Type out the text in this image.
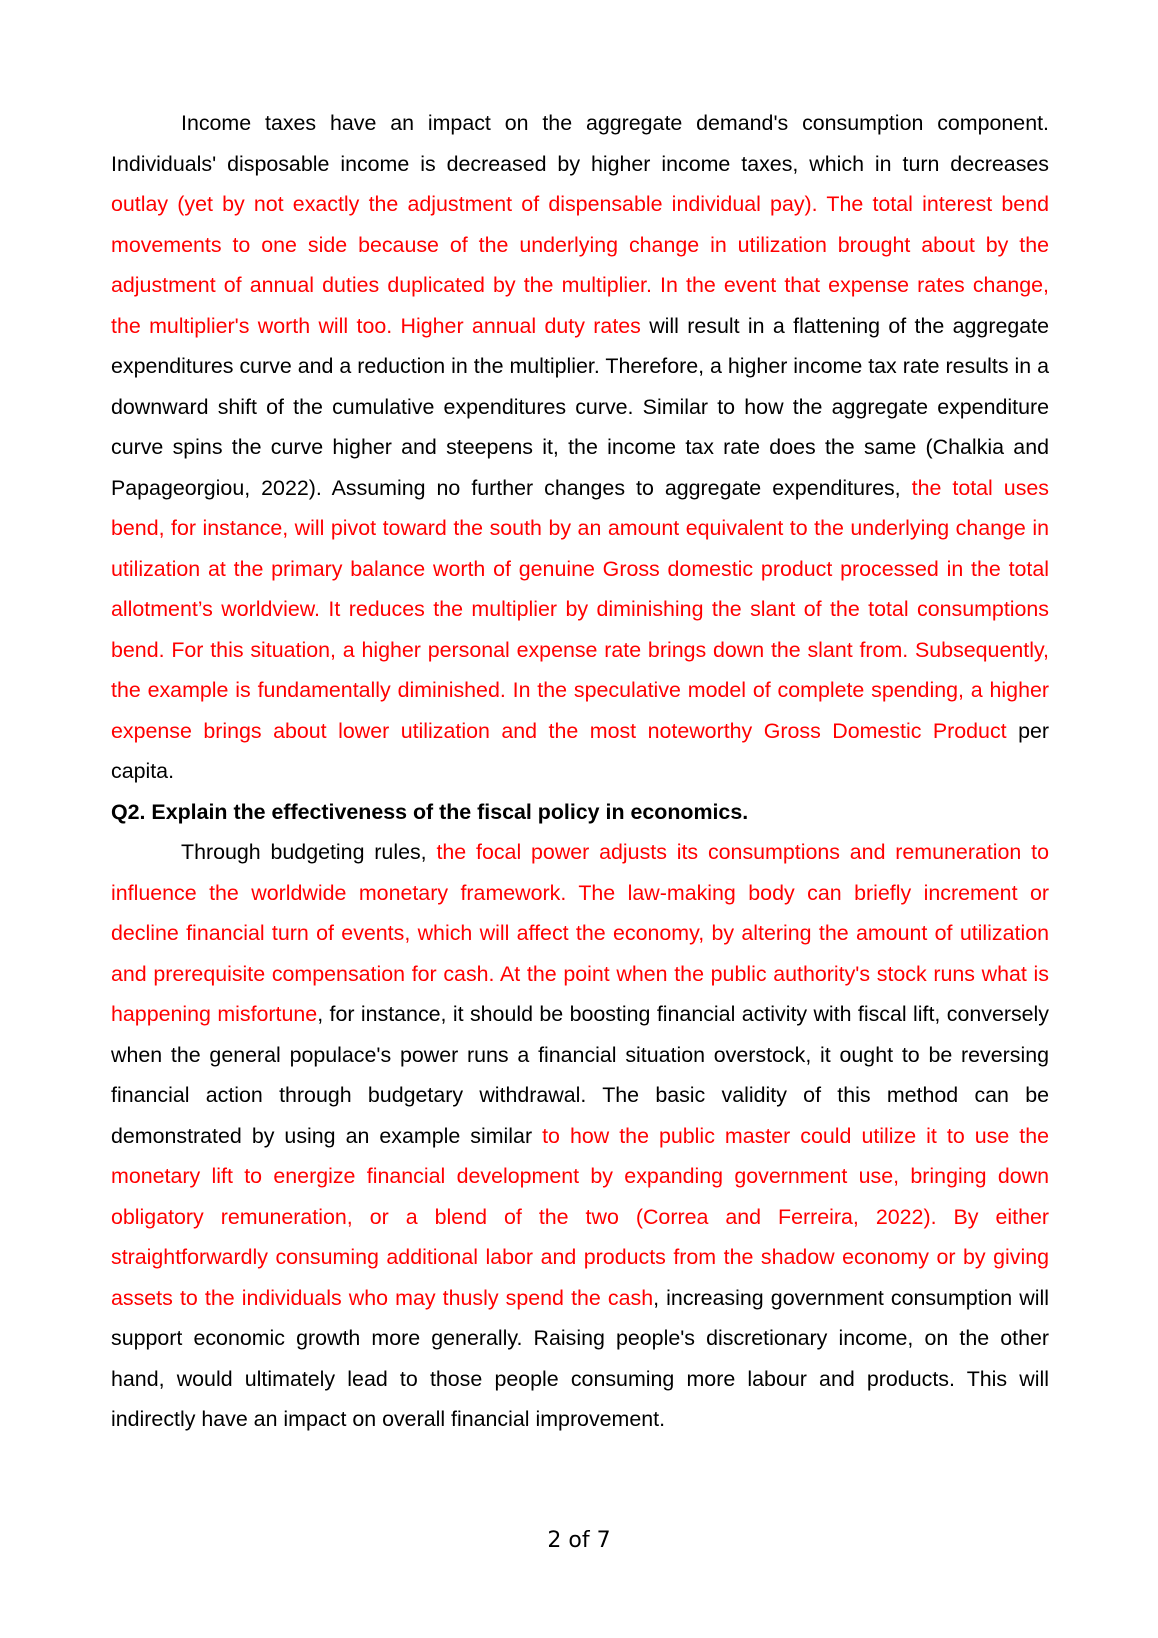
Income taxes have an impact on the aggregate demand's consumption component. Individuals' disposable income is decreased by higher income taxes, which in turn decreases outlay (yet by not exactly the adjustment of dispensable individual pay). The total interest bend movements to one side because of the underlying change in utilization brought about by the adjustment of annual duties duplicated by the multiplier. In the event that expense rates change, the multiplier's worth will too. Higher annual duty rates will result in a flattening of the aggregate expenditures curve and a reduction in the multiplier. Therefore, a higher income tax rate results in a downward shift of the cumulative expenditures curve. Similar to how the aggregate expenditure curve spins the curve higher and steepens it, the income tax rate does the same (Chalkia and Papageorgiou, 2022). Assuming no further changes to aggregate expenditures, the total uses bend, for instance, will pivot toward the south by an amount equivalent to the underlying change in utilization at the primary balance worth of genuine Gross domestic product processed in the total allotment’s worldview. It reduces the multiplier by diminishing the slant of the total consumptions bend. For this situation, a higher personal expense rate brings down the slant from. Subsequently, the example is fundamentally diminished. In the speculative model of complete spending, a higher expense brings about lower utilization and the most noteworthy Gross Domestic Product per capita.

Q2. Explain the effectiveness of the fiscal policy in economics.

Through budgeting rules, the focal power adjusts its consumptions and remuneration to influence the worldwide monetary framework. The law-making body can briefly increment or decline financial turn of events, which will affect the economy, by altering the amount of utilization and prerequisite compensation for cash. At the point when the public authority's stock runs what is happening misfortune, for instance, it should be boosting financial activity with fiscal lift, conversely when the general populace's power runs a financial situation overstock, it ought to be reversing financial action through budgetary withdrawal. The basic validity of this method can be demonstrated by using an example similar to how the public master could utilize it to use the monetary lift to energize financial development by expanding government use, bringing down obligatory remuneration, or a blend of the two (Correa and Ferreira, 2022). By either straightforwardly consuming additional labor and products from the shadow economy or by giving assets to the individuals who may thusly spend the cash, increasing government consumption will support economic growth more generally. Raising people's discretionary income, on the other hand, would ultimately lead to those people consuming more labour and products. This will indirectly have an impact on overall financial improvement.

2 of 7
